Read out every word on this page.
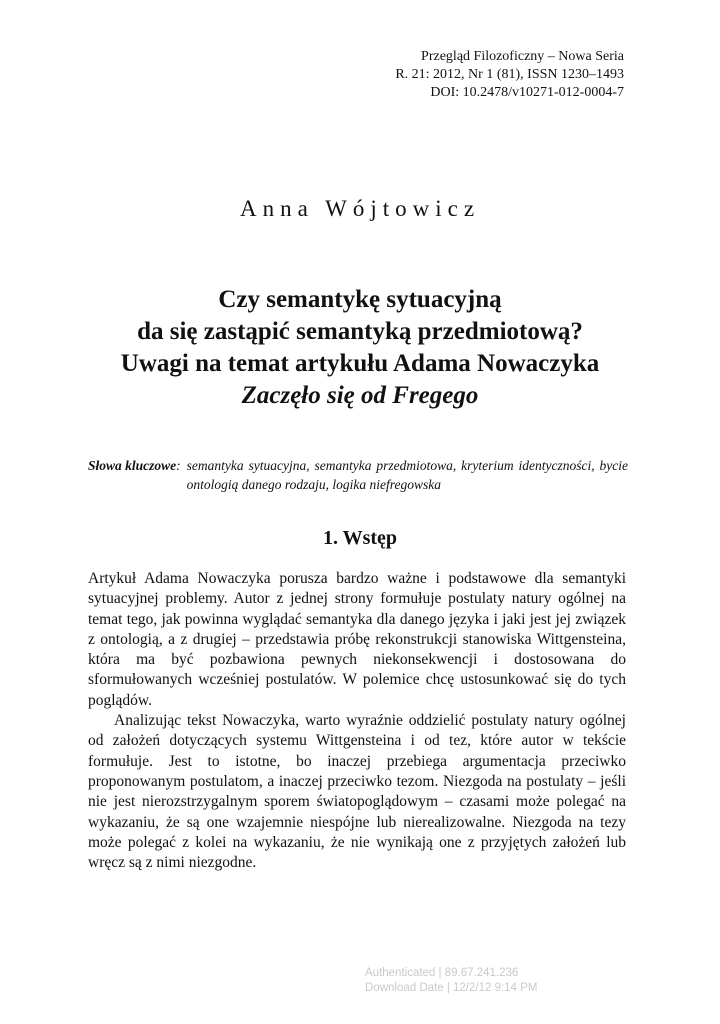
Przegląd Filozoficzny – Nowa Seria
R. 21: 2012, Nr 1 (81), ISSN 1230–1493
DOI: 10.2478/v10271-012-0004-7
Anna Wójtowicz
Czy semantykę sytuacyjną
da się zastąpić semantyką przedmiotową?
Uwagi na temat artykułu Adama Nowaczyka
Zaczęło się od Fregego
Słowa kluczowe: semantyka sytuacyjna, semantyka przedmiotowa, kryterium identyczności, bycie ontologią danego rodzaju, logika niefregowska
1. Wstęp

Artykuł Adama Nowaczyka porusza bardzo ważne i podstawowe dla semantyki sytuacyjnej problemy. Autor z jednej strony formułuje postulaty natury ogólnej na temat tego, jak powinna wyglądać semantyka dla danego języka i jaki jest jej związek z ontologią, a z drugiej – przedstawia próbę rekonstrukcji stanowiska Wittgensteina, która ma być pozbawiona pewnych niekonsekwencji i dostosowana do sformułowanych wcześniej postulatów. W polemice chcę ustosunkować się do tych poglądów.

Analizując tekst Nowaczyka, warto wyraźnie oddzielić postulaty natury ogólnej od założeń dotyczących systemu Wittgensteina i od tez, które autor w tekście formułuje. Jest to istotne, bo inaczej przebiega argumentacja przeciwko proponowanym postulatom, a inaczej przeciwko tezom. Niezgoda na postulaty – jeśli nie jest nierozstrzygalnym sporem światopoglądowym – czasami może polegać na wykazaniu, że są one wzajemnie niespójne lub nierealizowalne. Niezgoda na tezy może polegać z kolei na wykazaniu, że nie wynikają one z przyjętych założeń lub wręcz są z nimi niezgodne.

Authenticated | 89.67.241.236
Download Date | 12/2/12 9:14 PM
